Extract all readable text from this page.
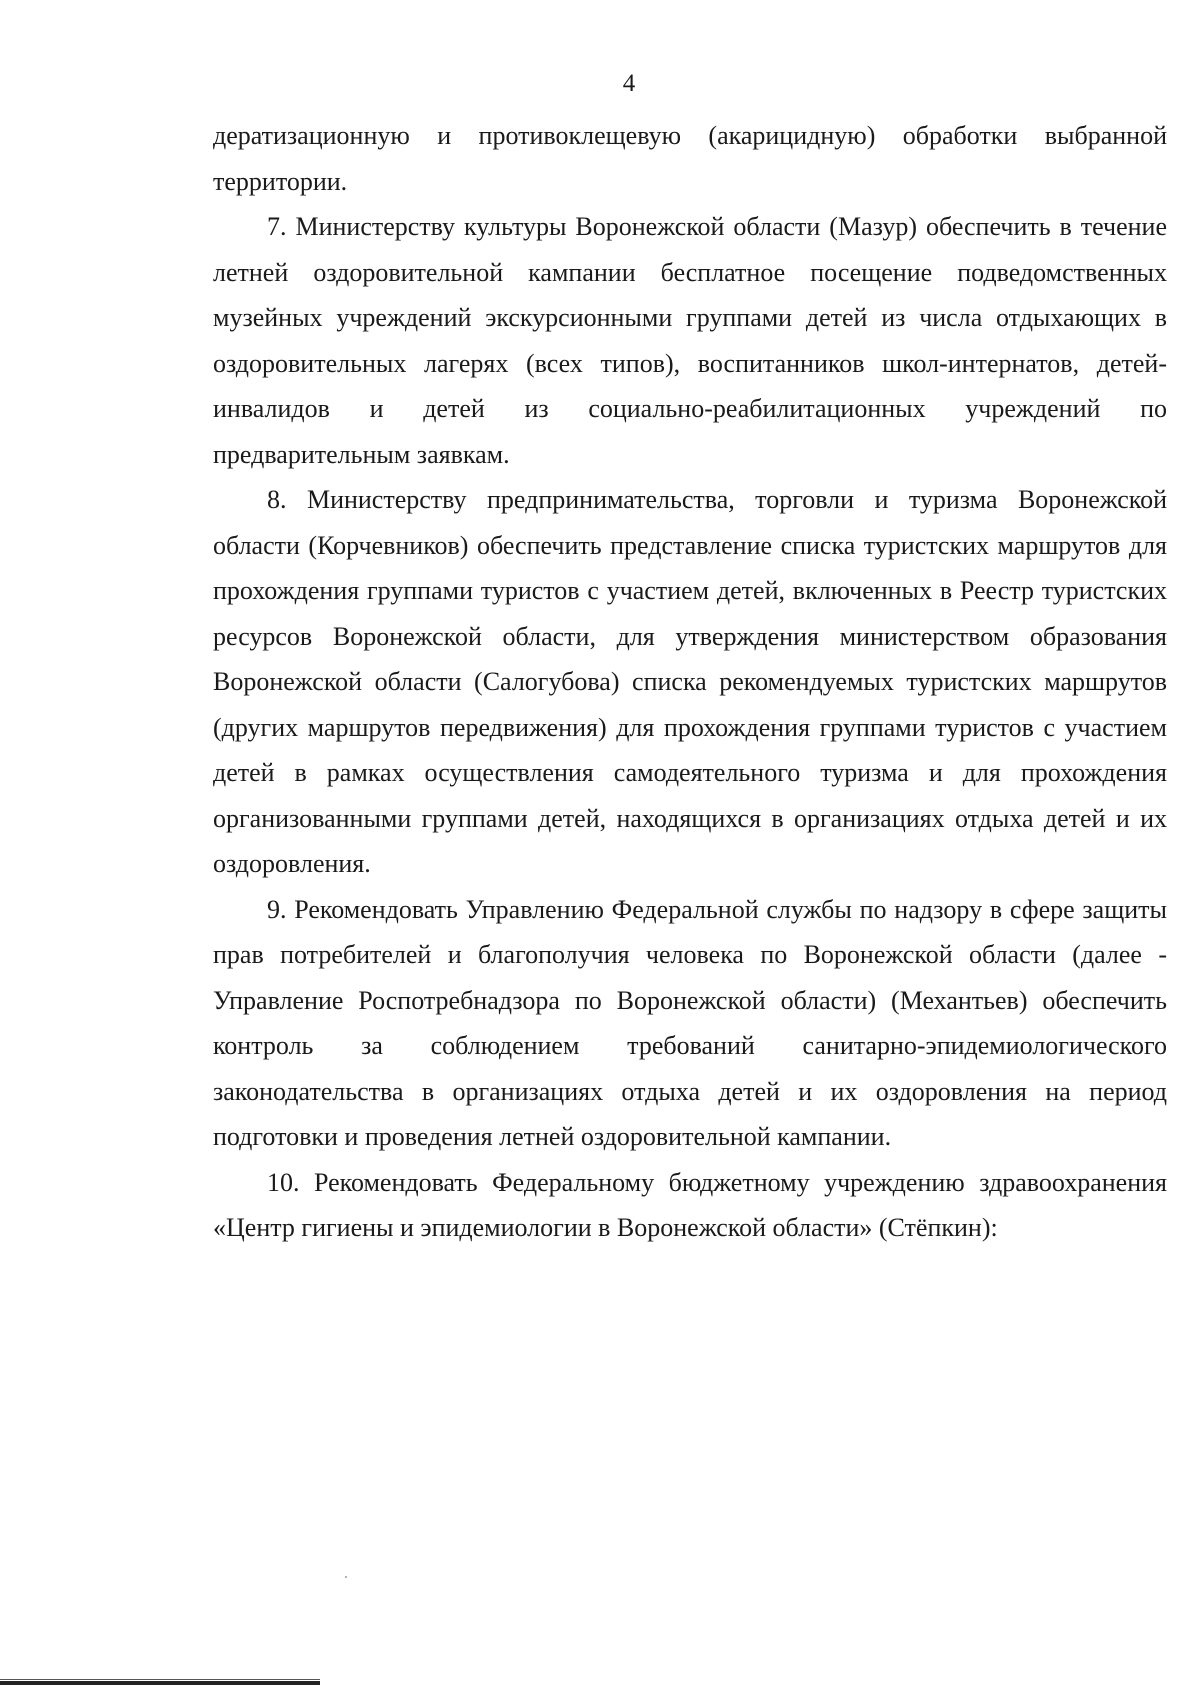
4

дератизационную и противоклещевую (акарицидную) обработки выбранной территории.

7. Министерству культуры Воронежской области (Мазур) обеспечить в течение летней оздоровительной кампании бесплатное посещение подведомственных музейных учреждений экскурсионными группами детей из числа отдыхающих в оздоровительных лагерях (всех типов), воспитанников школ-интернатов, детей-инвалидов и детей из социально-реабилитационных учреждений по предварительным заявкам.

8. Министерству предпринимательства, торговли и туризма Воронежской области (Корчевников) обеспечить представление списка туристских маршрутов для прохождения группами туристов с участием детей, включенных в Реестр туристских ресурсов Воронежской области, для утверждения министерством образования Воронежской области (Салогубова) списка рекомендуемых туристских маршрутов (других маршрутов передвижения) для прохождения группами туристов с участием детей в рамках осуществления самодеятельного туризма и для прохождения организованными группами детей, находящихся в организациях отдыха детей и их оздоровления.

9. Рекомендовать Управлению Федеральной службы по надзору в сфере защиты прав потребителей и благополучия человека по Воронежской области (далее - Управление Роспотребнадзора по Воронежской области) (Механтьев) обеспечить контроль за соблюдением требований санитарно-эпидемиологического законодательства в организациях отдыха детей и их оздоровления на период подготовки и проведения летней оздоровительной кампании.

10. Рекомендовать Федеральному бюджетному учреждению здравоохранения «Центр гигиены и эпидемиологии в Воронежской области» (Стёпкин):
